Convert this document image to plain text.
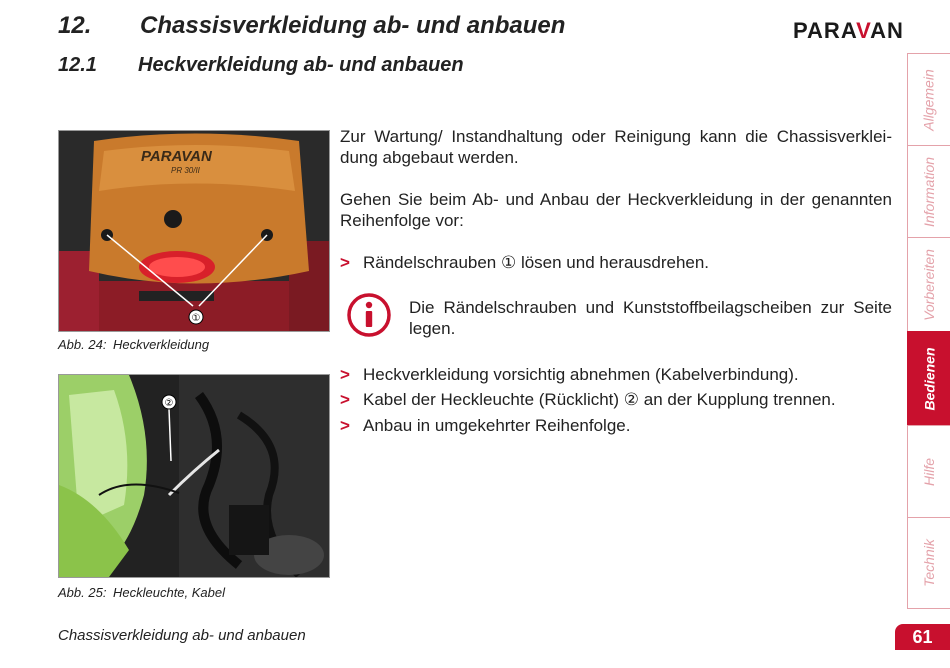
12. Chassisverkleidung ab- und anbauen
12.1 Heckverkleidung ab- und anbauen
PARAVAN
Allgemein
Information
Vorbereiten
Bedienen
Hilfe
Technik
PARAVAN
PR 30/II
①
Abb. 24: Heckverkleidung
②
Abb. 25: Heckleuchte, Kabel
Zur Wartung/ Instandhaltung oder Reinigung kann die Chassisverkleidung abgebaut werden.
Gehen Sie beim Ab- und Anbau der Heckverkleidung in der genannten Reihenfolge vor:
> Rändelschrauben ① lösen und herausdrehen.
Die Rändelschrauben und Kunststoffbeilagscheiben zur Seite legen.
> Heckverkleidung vorsichtig abnehmen (Kabelverbindung).
> Kabel der Heckleuchte (Rücklicht) ② an der Kupplung trennen.
> Anbau in umgekehrter Reihenfolge.
Chassisverkleidung ab- und anbauen	61
